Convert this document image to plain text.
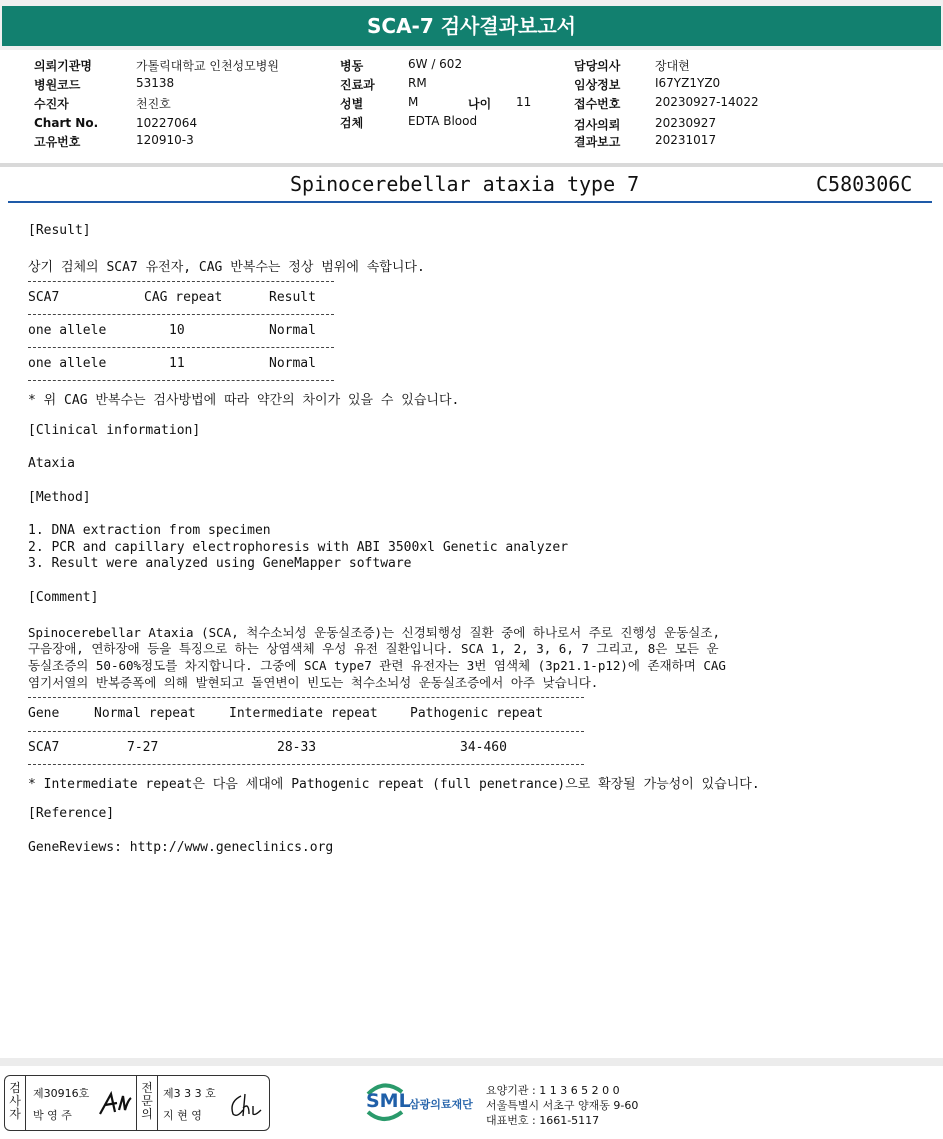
SCA-7 검사결과보고서
의뢰기관명	가톨릭대학교 인천성모병원	병동	6W / 602	담당의사	장대현
병원코드	53138	진료과	RM	임상정보	I67YZ1YZ0
수진자	천진호	성별	M	나이 11	접수번호	20230927-14022
Chart No.	10227064	검체	EDTA Blood	검사의뢰	20230927
고유번호	120910-3	결과보고	20231017
Spinocerebellar ataxia type 7	C580306C
[Result]
상기 검체의 SCA7 유전자, CAG 반복수는 정상 범위에 속합니다.
SCA7	CAG repeat	Result
one allele	10	Normal
one allele	11	Normal
* 위 CAG 반복수는 검사방법에 따라 약간의 차이가 있을 수 있습니다.
[Clinical information]
Ataxia
[Method]
1. DNA extraction from specimen
2. PCR and capillary electrophoresis with ABI 3500xl Genetic analyzer
3. Result were analyzed using GeneMapper software
[Comment]
Spinocerebellar Ataxia (SCA, 척수소뇌성 운동실조증)는 신경퇴행성 질환 중에 하나로서 주로 진행성 운동실조,
구음장애, 연하장애 등을 특징으로 하는 상염색체 우성 유전 질환입니다. SCA 1, 2, 3, 6, 7 그리고, 8은 모든 운
동실조증의 50-60%정도를 차지합니다. 그중에 SCA type7 관련 유전자는 3번 염색체 (3p21.1-p12)에 존재하며 CAG
염기서열의 반복증폭에 의해 발현되고 돌연변이 빈도는 척수소뇌성 운동실조증에서 아주 낮습니다.
Gene	Normal repeat	Intermediate repeat Pathogenic repeat
SCA7	7-27	28-33	34-460
* Intermediate repeat은 다음 세대에 Pathogenic repeat (full penetrance)으로 확장될 가능성이 있습니다.
[Reference]
GeneReviews: http://www.geneclinics.org
검
사
자
제30916호
박 영 주
전
문
의
제3 3 3 호
지 현 영
SML
삼광의료재단
요양기관 : 1 1 3 6 5 2 0 0
서울특별시 서초구 양재동 9-60
대표번호 : 1661-5117
